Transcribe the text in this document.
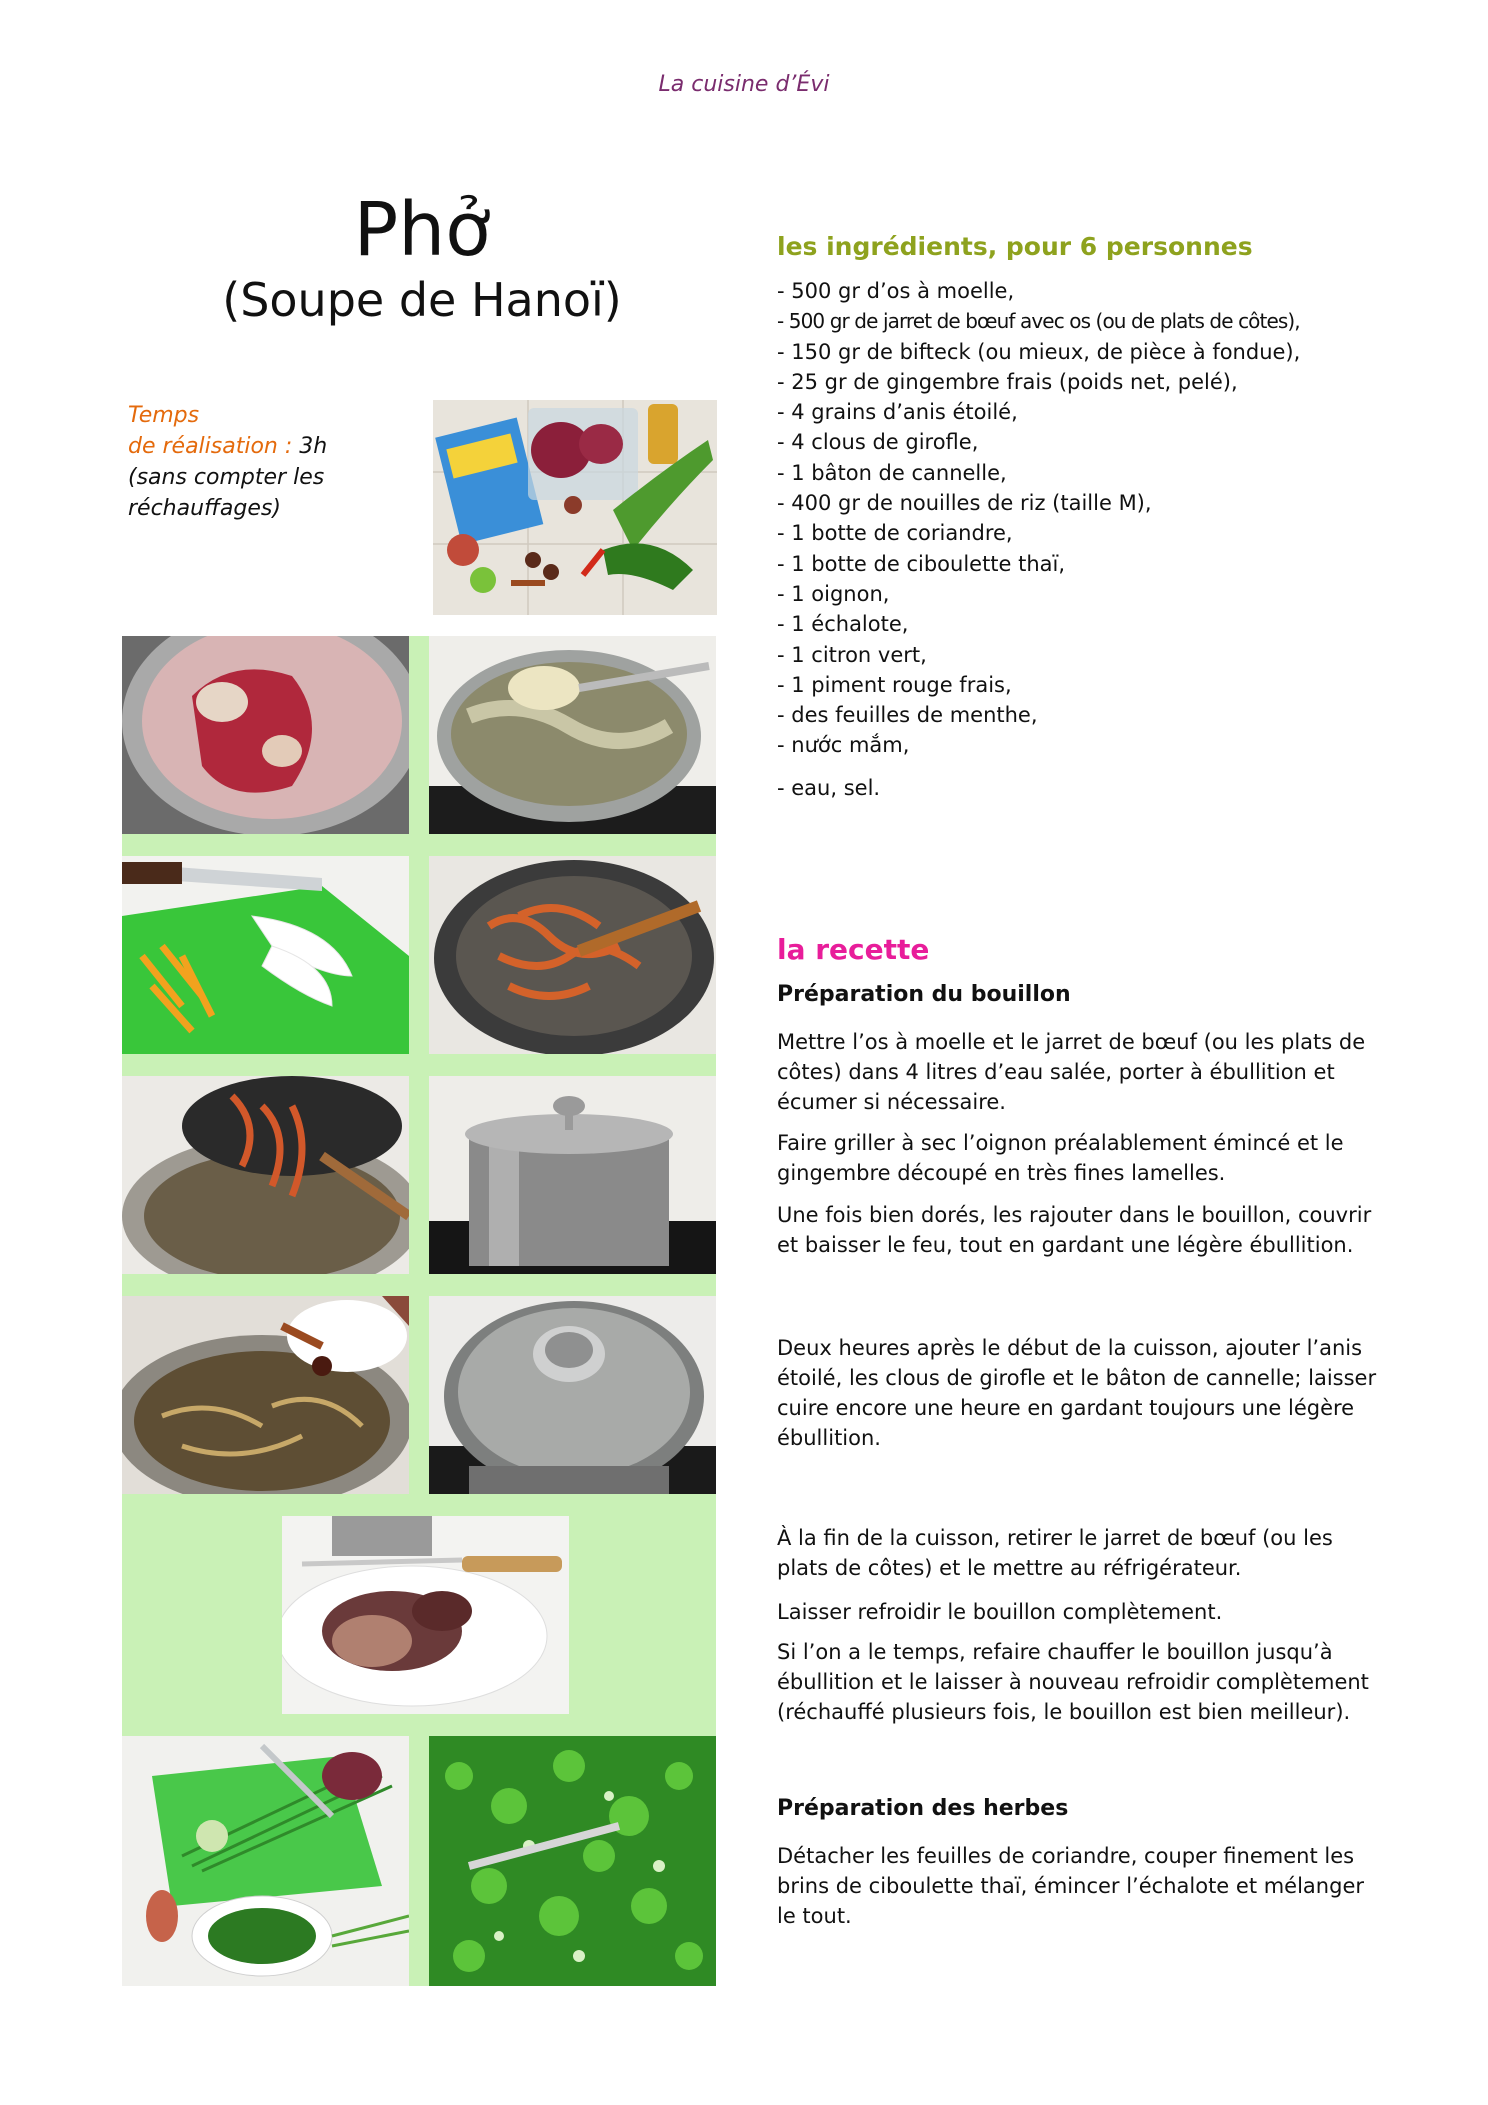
La cuisine d’Évi
Phở
(Soupe de Hanoï)
Temps
de réalisation : 3h
(sans compter les réchauffages)
les ingrédients, pour 6 personnes
- 500 gr d’os à moelle,
- 500 gr de jarret de bœuf avec os (ou de plats de côtes),
- 150 gr de bifteck (ou mieux, de pièce à fondue),
- 25 gr de gingembre frais (poids net, pelé),
- 4 grains d’anis étoilé,
- 4 clous de girofle,
- 1 bâton de cannelle,
- 400 gr de nouilles de riz (taille M),
- 1 botte de coriandre,
- 1 botte de ciboulette thaï,
- 1 oignon,
- 1 échalote,
- 1 citron vert,
- 1 piment rouge frais,
- des feuilles de menthe,
- nước mắm,
- eau, sel.
la recette
Préparation du bouillon

Mettre l’os à moelle et le jarret de bœuf (ou les plats de côtes) dans 4 litres d’eau salée, porter à ébullition et écumer si nécessaire.

Faire griller à sec l’oignon préalablement émincé et le gingembre découpé en très fines lamelles.

Une fois bien dorés, les rajouter dans le bouillon, couvrir et baisser le feu, tout en gardant une légère ébullition.

Deux heures après le début de la cuisson, ajouter l’anis étoilé, les clous de girofle et le bâton de cannelle; laisser cuire encore une heure en gardant toujours une légère ébullition.

À la fin de la cuisson, retirer le jarret de bœuf (ou les plats de côtes) et le mettre au réfrigérateur.

Laisser refroidir le bouillon complètement.

Si l’on a le temps, refaire chauffer le bouillon jusqu’à ébullition et le laisser à nouveau refroidir complètement (réchauffé plusieurs fois, le bouillon est bien meilleur).

Préparation des herbes

Détacher les feuilles de coriandre, couper finement les brins de ciboulette thaï, émincer l’échalote et mélanger le tout.
